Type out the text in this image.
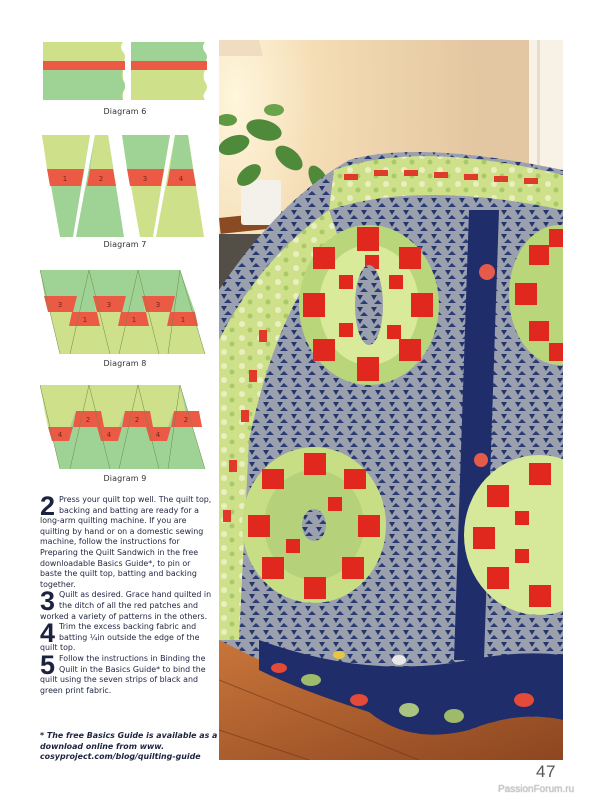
Diagram 6
1	2	3	4
Diagram 7
3
1
3
1
3
1
Diagram 8
4
2
4
2
4
2
Diagram 9

2 Press your quilt top well. The quilt top, backing and batting are ready for a long-arm quilting machine. If you are quilting by hand or on a domestic sewing machine, follow the instructions for Preparing the Quilt Sandwich in the free downloadable Basics Guide*, to pin or baste the quilt top, batting and backing together.

3 Quilt as desired. Grace hand quilted in the ditch of all the red patches and worked a variety of patterns in the others.

4 Trim the excess backing fabric and batting ¼in outside the edge of the quilt top.

5 Follow the instructions in Binding the Quilt in the Basics Guide* to bind the quilt using the seven strips of black and green print fabric.

* The free Basics Guide is available as a download online from www. cosyproject.com/blog/quilting-guide
47
PassionForum.ru
